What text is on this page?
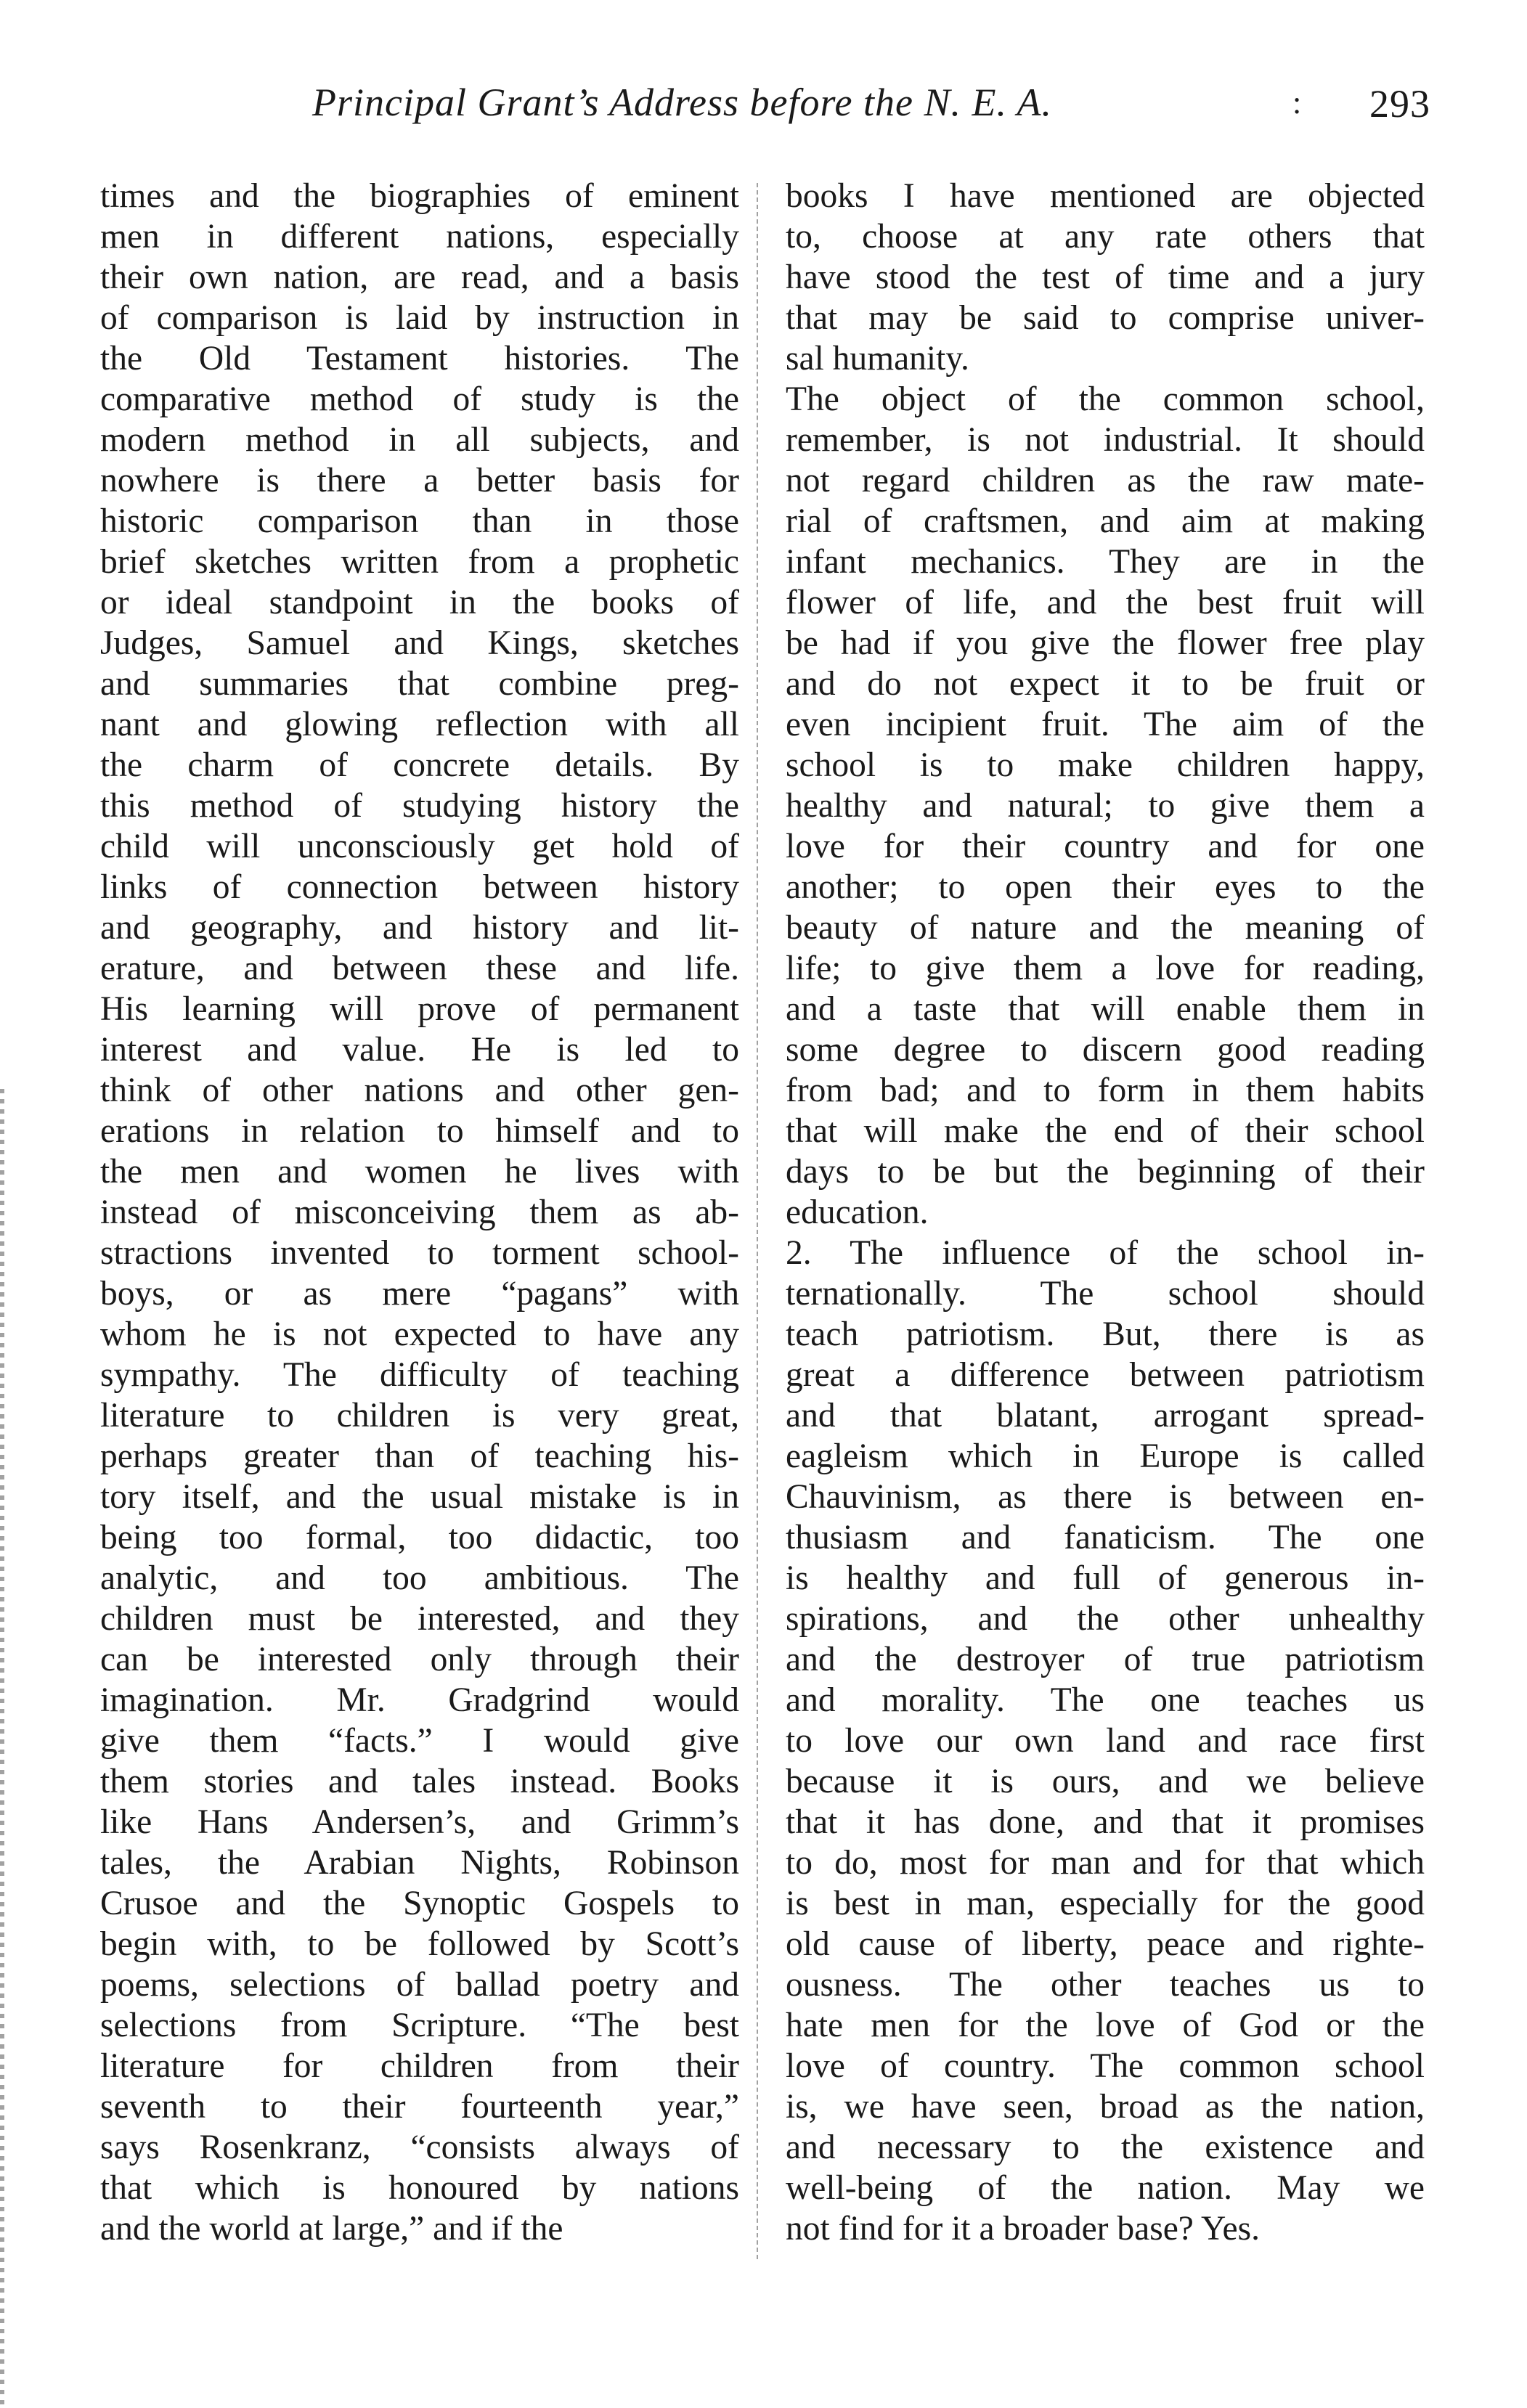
Principal Grant’s Address before the N. E. A.	: 293
times and the biographies of eminent
men in different nations, especially
their own nation, are read, and a basis
of comparison is laid by instruction in
the Old Testament histories. The
comparative method of study is the
modern method in all subjects, and
nowhere is there a better basis for
historic comparison than in those
brief sketches written from a prophetic
or ideal standpoint in the books of
Judges, Samuel and Kings, sketches
and summaries that combine preg-
nant and glowing reflection with all
the charm of concrete details. By
this method of studying history the
child will unconsciously get hold of
links of connection between history
and geography, and history and lit-
erature, and between these and life.
His learning will prove of permanent
interest and value. He is led to
think of other nations and other gen-
erations in relation to himself and to
the men and women he lives with
instead of misconceiving them as ab-
stractions invented to torment school-
boys, or as mere “pagans” with
whom he is not expected to have any
sympathy. The difficulty of teaching
literature to children is very great,
perhaps greater than of teaching his-
tory itself, and the usual mistake is in
being too formal, too didactic, too
analytic, and too ambitious. The
children must be interested, and they
can be interested only through their
imagination. Mr. Gradgrind would
give them “facts.” I would give
them stories and tales instead. Books
like Hans Andersen’s, and Grimm’s
tales, the Arabian Nights, Robinson
Crusoe and the Synoptic Gospels to
begin with, to be followed by Scott’s
poems, selections of ballad poetry and
selections from Scripture. “The best
literature for children from their
seventh to their fourteenth year,”
says Rosenkranz, “consists always of
that which is honoured by nations
and the world at large,” and if the
books I have mentioned are objected
to, choose at any rate others that
have stood the test of time and a jury
that may be said to comprise univer-
sal humanity.
The object of the common school,
remember, is not industrial. It should
not regard children as the raw mate-
rial of craftsmen, and aim at making
infant mechanics. They are in the
flower of life, and the best fruit will
be had if you give the flower free play
and do not expect it to be fruit or
even incipient fruit. The aim of the
school is to make children happy,
healthy and natural; to give them a
love for their country and for one
another; to open their eyes to the
beauty of nature and the meaning of
life; to give them a love for reading,
and a taste that will enable them in
some degree to discern good reading
from bad; and to form in them habits
that will make the end of their school
days to be but the beginning of their
education.
2. The influence of the school in-
ternationally. The school should
teach patriotism. But, there is as
great a difference between patriotism
and that blatant, arrogant spread-
eagleism which in Europe is called
Chauvinism, as there is between en-
thusiasm and fanaticism. The one
is healthy and full of generous in-
spirations, and the other unhealthy
and the destroyer of true patriotism
and morality. The one teaches us
to love our own land and race first
because it is ours, and we believe
that it has done, and that it promises
to do, most for man and for that which
is best in man, especially for the good
old cause of liberty, peace and righte-
ousness. The other teaches us to
hate men for the love of God or the
love of country. The common school
is, we have seen, broad as the nation,
and necessary to the existence and
well-being of the nation. May we
not find for it a broader base? Yes.
